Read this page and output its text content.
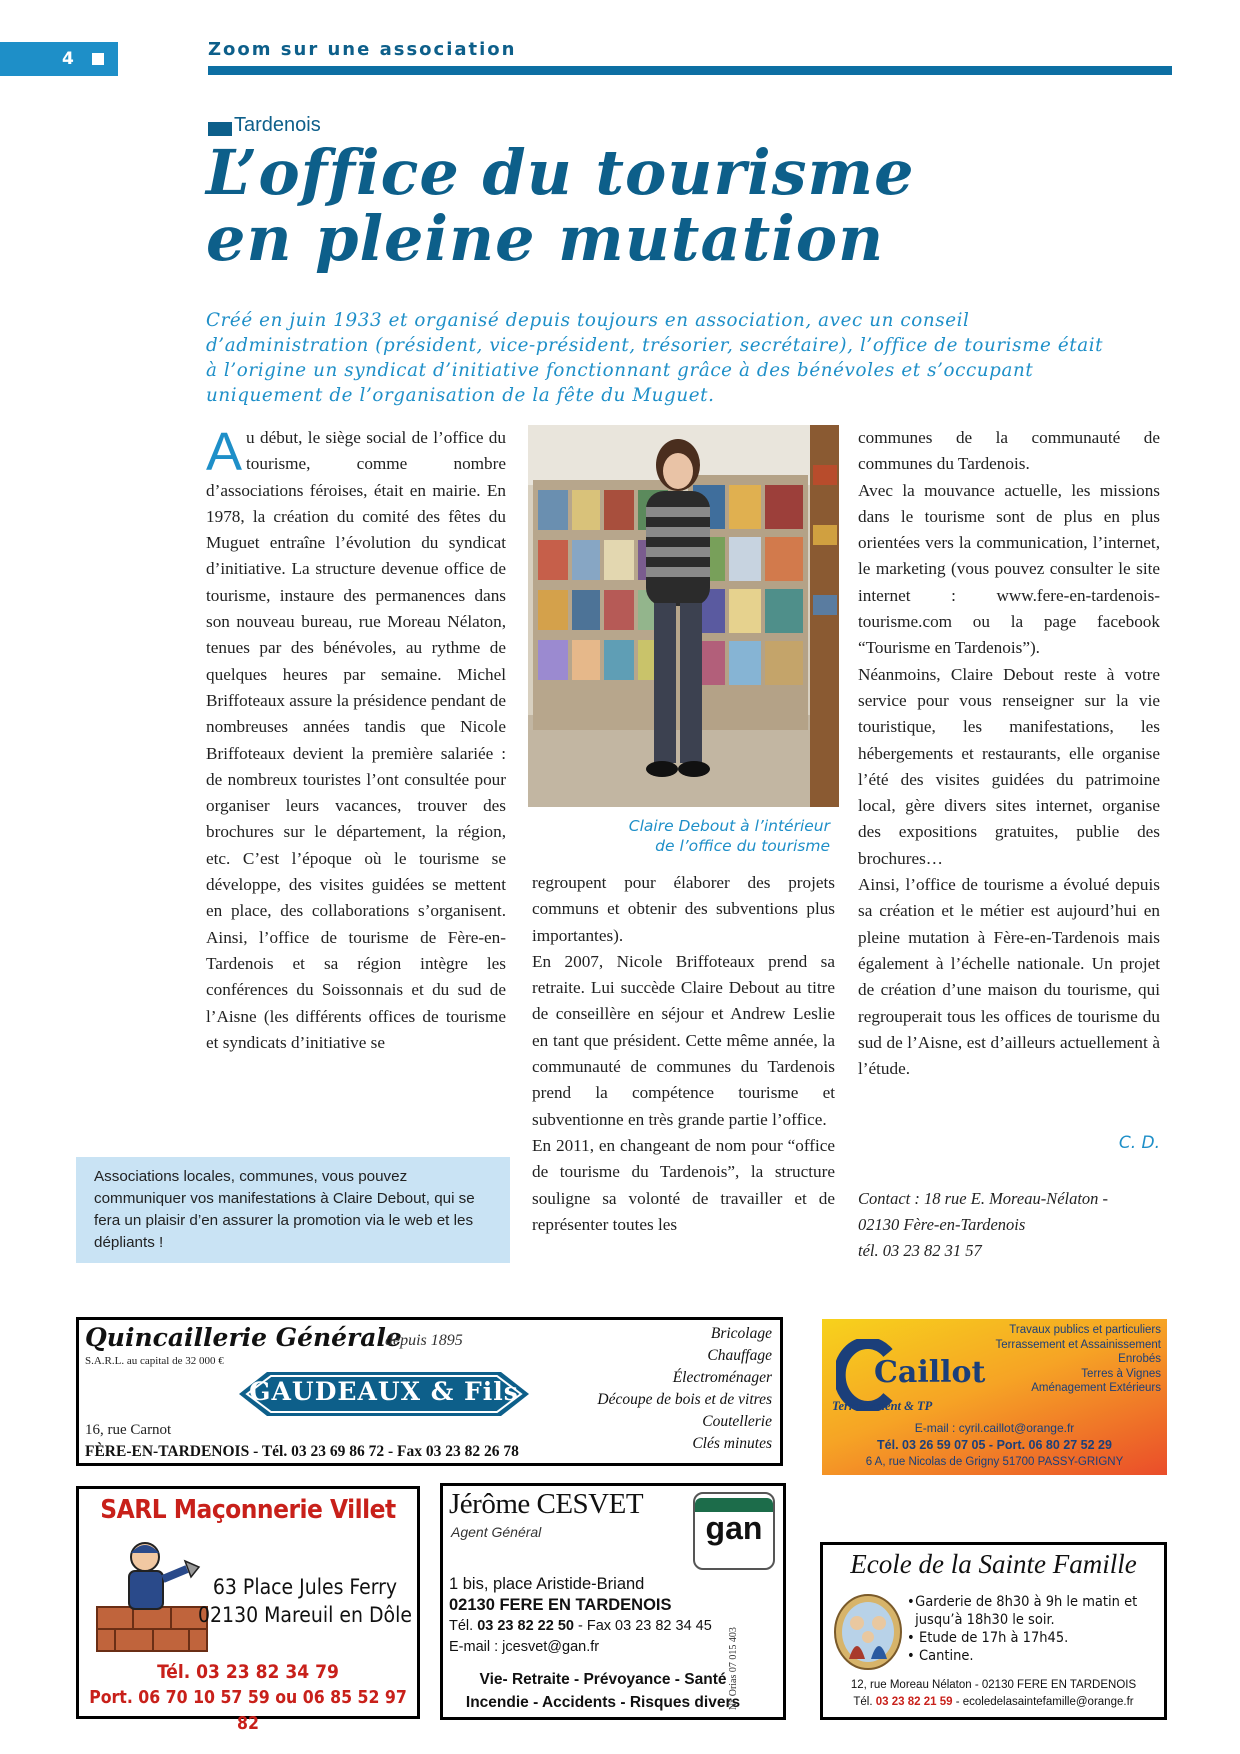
4	Zoom sur une association
Tardenois
L’office du tourisme
en pleine mutation
Créé en juin 1933 et organisé depuis toujours en association, avec un conseil d’administration (président, vice-président, trésorier, secrétaire), l’office de tourisme était à l’origine un syndicat d’initiative fonctionnant grâce à des bénévoles et s’occupant uniquement de l’organisation de la fête du Muguet.
Au début, le siège social de l’office du tourisme, comme nombre d’associations féroises, était en mairie. En 1978, la création du comité des fêtes du Muguet entraîne l’évolution du syndicat d’initiative. La structure devenue office de tourisme, instaure des permanences dans son nouveau bureau, rue Moreau Nélaton, tenues par des bénévoles, au rythme de quelques heures par semaine. Michel Briffoteaux assure la présidence pendant de nombreuses années tandis que Nicole Briffoteaux devient la première salariée : de nombreux touristes l’ont consultée pour organiser leurs vacances, trouver des brochures sur le département, la région, etc. C’est l’époque où le tourisme se développe, des visites guidées se mettent en place, des collaborations s’organisent. Ainsi, l’office de tourisme de Fère-en-Tardenois et sa région intègre les conférences du Soissonnais et du sud de l’Aisne (les différents offices de tourisme et syndicats d’initiative se
Claire Debout à l’intérieur
de l’office du tourisme
regroupent pour élaborer des projets communs et obtenir des subventions plus importantes).
En 2007, Nicole Briffoteaux prend sa retraite. Lui succède Claire Debout au titre de conseillère en séjour et Andrew Leslie en tant que président. Cette même année, la communauté de communes du Tardenois prend la compétence tourisme et subventionne en très grande partie l’office.
En 2011, en changeant de nom pour “office de tourisme du Tardenois”, la structure souligne sa volonté de travailler et de représenter toutes les
communes de la communauté de communes du Tardenois.
Avec la mouvance actuelle, les missions dans le tourisme sont de plus en plus orientées vers la communication, l’internet, le marketing (vous pouvez consulter le site internet : www.fere-en-tardenois-tourisme.com ou la page facebook “Tourisme en Tardenois”).
Néanmoins, Claire Debout reste à votre service pour vous renseigner sur la vie touristique, les manifestations, les hébergements et restaurants, elle organise l’été des visites guidées du patrimoine local, gère divers sites internet, organise des expositions gratuites, publie des brochures…
Ainsi, l’office de tourisme a évolué depuis sa création et le métier est aujourd’hui en pleine mutation à Fère-en-Tardenois mais également à l’échelle nationale. Un projet de création d’une maison du tourisme, qui regrouperait tous les offices de tourisme du sud de l’Aisne, est d’ailleurs actuellement à l’étude.
C. D.
Contact : 18 rue E. Moreau-Nélaton -
02130 Fère-en-Tardenois
tél. 03 23 82 31 57
Associations locales, communes, vous pouvez communiquer vos manifestations à Claire Debout, qui se fera un plaisir d’en assurer la promotion via le web et les dépliants !
Quincaillerie Générale
depuis 1895
S.A.R.L. au capital de 32 000 €
GAUDEAUX & Fils
16, rue Carnot
FÈRE-EN-TARDENOIS - Tél. 03 23 69 86 72 - Fax 03 23 82 26 78
Bricolage
Chauffage
Électroménager
Découpe de bois et de vitres
Coutellerie
Clés minutes
Caillot
Terrassement & TP
Travaux publics et particuliers
Terrassement et Assainissement
Enrobés
Terres à Vignes
Aménagement Extérieurs
E-mail : cyril.caillot@orange.fr
Tél. 03 26 59 07 05 - Port. 06 80 27 52 29
6 A, rue Nicolas de Grigny 51700 PASSY-GRIGNY
SARL Maçonnerie Villet
63 Place Jules Ferry
02130 Mareuil en Dôle
Tél. 03 23 82 34 79
Port. 06 70 10 57 59 ou 06 85 52 97 82
Jérôme CESVET
Agent Général	gan
1 bis, place Aristide-Briand
02130 FERE EN TARDENOIS
Tél. 03 23 82 22 50 - Fax 03 23 82 34 45
E-mail : jcesvet@gan.fr
Vie- Retraite - Prévoyance - Santé
Incendie - Accidents - Risques divers
N° Orias 07 015 403
Ecole de la Sainte Famille
• Garderie de 8h30 à 9h le matin et jusqu’à 18h30 le soir.
• Etude de 17h à 17h45.
• Cantine.
12, rue Moreau Nélaton - 02130 FERE EN TARDENOIS
Tél. 03 23 82 21 59 - ecoledelasaintefamille@orange.fr
